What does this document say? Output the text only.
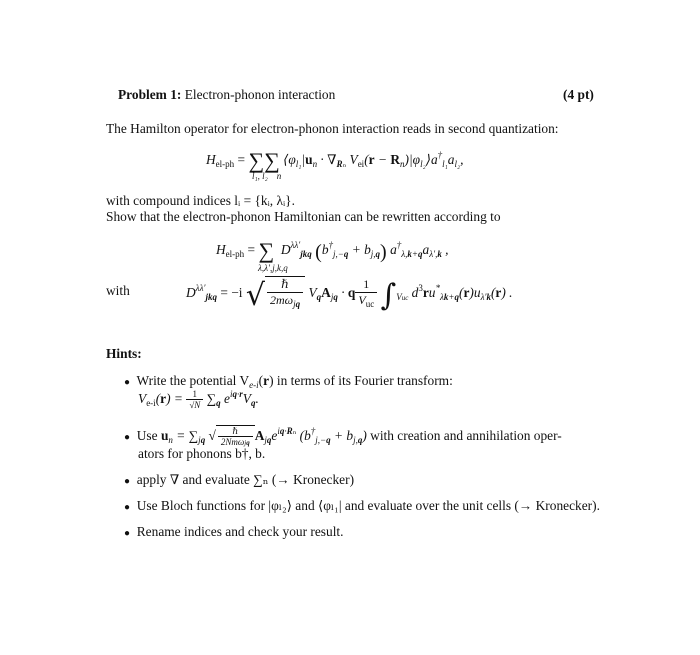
Problem 1: Electron-phonon interaction	(4 pt)
The Hamilton operator for electron-phonon interaction reads in second quantization:
$H_{el-ph}$ = ∑∑ $⟨\varphi_{l_1}|u_n \cdot \nabla_{R_n}$ $V_{ei}(r$ − $R_n)|\varphi_{l_2}⟩a^\dagger_{l_1}a_{l_2}$,
l₁, l₂ n
with compound indices lᵢ = {kᵢ, λᵢ}.
Show that the electron-phonon Hamiltonian can be rewritten according to
$H_{el-ph}$ = ∑  $D^{\lambda\lambda'}_{jkq}$ $(b^\dagger_{j,-q} + b_{j,q})$ $a^\dagger_{\lambda,k+q}a_{\lambda',k}$ ,
λ,λ′,j,k,q
with	$D^{\lambda\lambda'}_{jkq} = -i$ √ $\frac{\text{ℏ}}{2m\omega_{jq}} V_qA_{jq} \cdot q \frac{1}{V_{uc}} \int_{Vuc}$ $d^3ru^*_{\lambda k+q}(r)u_{\lambda'k}(r)$ .
Hints:
● Write the potential $V_{e-i}(r)$ in terms of its Fourier transform:
$V_{e-i}(r) = \frac{1}{√N} \sum_q$ $e^{iq\cdot r}V_q$.
● Use $u_n = \sum_{jq}$ √ $\frac{\text{ℏ}}{\text{2Nmωjq}} A_{jq}e^{iq\cdot R_n}$ $(b^\dagger_{j,-q} + b_{j,q})$ with creation and annihilation oper-
ators for phonons b†, b.
● apply ∇ and evaluate ∑ₙ (→ Kronecker)
● Use Bloch functions for |φₗ₂⟩ and ⟨φₗ₁| and evaluate over the unit cells (→ Kronecker).
● Rename indices and check your result.
